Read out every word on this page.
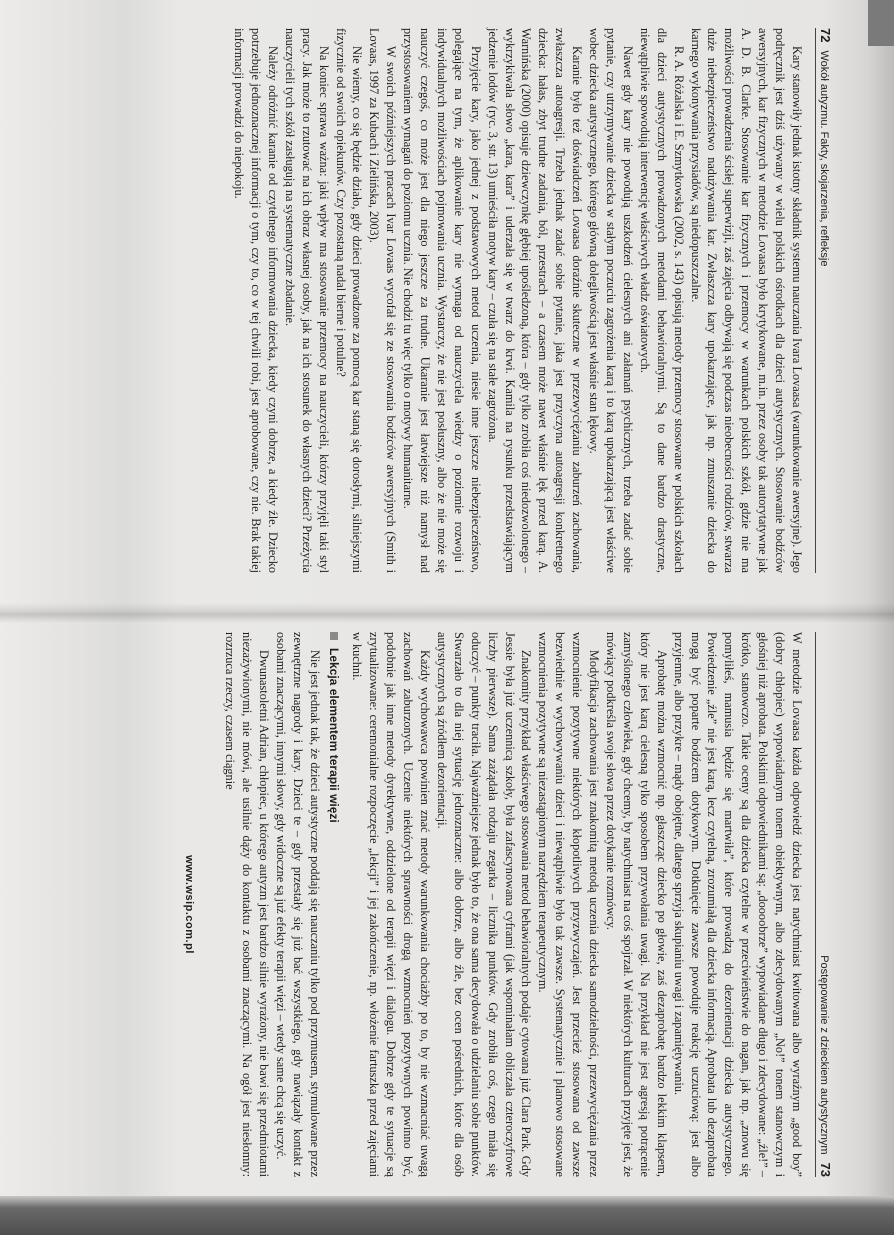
72
Wokół autyzmu. Fakty, skojarzenia, refleksje

Kary stanowiły jednak istotny składnik systemu nauczania Ivara Lovaasa (warunkowanie awersyjne). Jego podręcznik jest dziś używany w wielu polskich ośrodkach dla dzieci autystycznych. Stosowanie bodźców awersyjnych, kar fizycznych w metodzie Lovaasa było krytykowane, m.in. przez osoby tak autorytatywne jak A. D. B. Clarke. Stosowanie kar fizycznych i przemocy w warunkach polskich szkół, gdzie nie ma możliwości prowadzenia ścisłej superwizji, zaś zajęcia odbywają się podczas nieobecności rodziców, stwarza duże niebezpieczeństwo nadużywania kar. Zwłaszcza kary upokarzające, jak np. zmuszanie dziecka do karnego wykonywania przysiadów, są niedopuszczalne.

R. A. Różalska i E. Szmytkowska (2002, s. 143) opisują metody przemocy stosowane w polskich szkołach dla dzieci autystycznych prowadzonych metodami behawioralnymi. Są to dane bardzo drastyczne, niewątpliwie spowodują interwencję właściwych władz oświatowych.

Nawet gdy kary nie powodują uszkodzeń cielesnych ani załamań psychicznych, trzeba zadać sobie pytanie, czy utrzymywanie dziecka w stałym poczuciu zagrożenia karą i to karą upokarzającą jest właściwe wobec dziecka autystycznego, którego główną dolegliwością jest właśnie stan lękowy.

Karanie było też doświadczeń Lovaasa doraźnie skuteczne w przezwyciężaniu zaburzeń zachowania, zwłaszcza autoagresji. Trzeba jednak zadać sobie pytanie, jaka jest przyczyna autoagresji konkretnego dziecka: hałas, zbyt trudne zadania, ból, przestrach – a czasem może nawet właśnie lęk przed karą. A. Warnińska (2000) opisuje dziewczynkę głębiej upośledzoną, która – gdy tylko zrobiła coś niedozwolonego – wykrzykiwała słowo „kara, kara” i uderzała się w twarz do krwi. Kamila na rysunku przedstawiającym jedzenie lodów (ryc. 3, str. 13) umieściła motyw kary – czuła się na stałe zagrożona.

Przyjęcie kary, jako jednej z podstawowych metod uczenia, niesie inne jeszcze niebezpieczeństwo, polegające na tym, że aplikowanie kary nie wymaga od nauczyciela wiedzy o poziomie rozwoju i indywidualnych możliwościach pojmowania ucznia. Wystarczy, że nie jest posłuszny, albo że nie może się nauczyć czegoś, co może jest dla niego jeszcze za trudne. Ukaranie jest łatwiejsze niż namysł nad przystosowaniem wymagań do poziomu ucznia. Nie chodzi tu więc tylko o motywy humanitarne.

W swoich późniejszych pracach Ivar Lovaas wycofał się ze stosowania bodźców awersyjnych (Smith i Lovaas, 1997 za Kubach i Zielińska, 2003).

Nie wiemy, co się będzie działo, gdy dzieci prowadzone za pomocą kar staną się dorosłymi, silniejszymi fizycznie od swoich opiekunów. Czy pozostaną nadal bierne i potulne?

Na koniec sprawa ważna: jaki wpływ ma stosowanie przemocy na nauczycieli, którzy przyjęli taki styl pracy. Jak może to rzutować na ich obraz własnej osoby, jak na ich stosunek do własnych dzieci? Przeżycia nauczycieli tych szkół zasługują na systematyczne zbadanie.

Należy odróżnić karanie od czytelnego informowania dziecka, kiedy czyni dobrze, a kiedy źle. Dziecko potrzebuje jednoznacznej informacji o tym, czy to, co w tej chwili robi, jest aprobowane, czy nie. Brak takiej informacji prowadzi do niepokoju.

Postępowanie z dzieckiem autystycznym
73

W metodzie Lovaasa każda odpowiedź dziecka jest natychmiast kwitowana albo wyraźnym „good boy” (dobry chłopiec) wypowiadanym tonem obiektywnym, albo zdecydowanym „No!” tonem stanowczym i głośniej niż aprobata. Polskimi odpowiednikami są: „doooobrze” wypowiadane długo i zdecydowane: „źle!” – krótko, stanowczo. Takie oceny są dla dziecka czytelne w przeciwieństwie do nagan, jak np. „znowu się pomyliłeś, mamusia będzie się martwiła”, które prowadzą do dezorientacji dziecka autystycznego. Powiedzenie „źle” nie jest karą, lecz czytelną, zrozumiałą dla dziecka informacją. Aprobata lub dezaprobata mogą być poparte bodźcem dotykowym. Dotknięcie zawsze powoduje reakcję uczuciową: jest albo przyjemne, albo przykre – mądy obojętne, dlatego sprzyja skupianiu uwagi i zapamiętywaniu.

Aprobatę można wzmocnić np. głaszcząc dziecko po głowie, zaś dezaprobatę bardzo lekkim klapsem, który nie jest karą cielesną tylko sposobem przywołania uwagi. Na przykład nie jest agresją potrącenie zamyślonego człowieka, gdy chcemy, by natychmiast na coś spojrzał. W niektórych kulturach przyjęte jest, że mówiący podkreśla swoje słowa przez dotykanie rozmówcy.

Modyfikacja zachowania jest znakomitą metodą uczenia dziecka samodzielności, przezwyciężania przez wzmocnienie pozytywne niektórych kłopotliwych przyzwyczajeń. Jest przecież stosowana od zawsze bezwiednie w wychowywaniu dzieci i niewątpliwie było tak zawsze. Systematycznie i planowo stosowane wzmocnienia pozytywne są niezastąpionym narzędziem terapeutycznym.

Znakomity przykład właściwego stosowania metod behawioralnych podaje cytowana już Clara Park. Gdy Jessie była już uczennicą szkoły, była zafascynowana cyframi (jak wspominałam obliczała czteroczyfrowe liczby pierwsze). Sama zażądała rodzaju zegarka – licznika punktów. Gdy zrobiła coś, czego miała się oduczyć – punkty traciła. Najważniejsze jednak było to, że ona sama decydowała o udzielaniu sobie punktów. Stwarzało to dla niej sytuację jednoznaczne: albo dobrze, albo źle, bez ocen pośrednich, które dla osób autystycznych są źródłem dezorientacji.

Każdy wychowawca powinien znać metody warunkowania chociażby po to, by nie wzmacniać uwagą zachowań zaburzonych. Uczenie niektórych sprawności drogą wzmocnień pozytywnych powinno być, podobnie jak inne metody dyrektywne, oddzielone od terapii więzi i dialogu. Dobrze gdy te sytuacje są zrytualizowane: ceremonialne rozpoczęcie „lekcji” i jej zakończenie, np. włożenie fartuszka przed zajęciami w kuchni.

Lekcja elementem terapii więzi

Nie jest jednak tak, że dzieci autystyczne poddają się nauczaniu tylko pod przymusem, stymulowane przez zewnętrzne nagrody i kary. Dzieci te – gdy przestały się już bać wszystkiego, gdy nawiązały kontakt z osobami znaczącymi, innymi słowy, gdy widoczne są już efekty terapii więzi – wtedy same chcą się uczyć.

Dwunastoletni Adrian, chłopiec, u którego autyzm jest bardzo silnie wyrażony, nie bawi się przedmiotami niezażywionymi, nie mówi, ale usilnie dąży do kontaktu z osobami znaczącymi. Na ogół jest niesłomny: rozrzuca rzeczy, czasem ciągnie

www.wsip.com.pl
